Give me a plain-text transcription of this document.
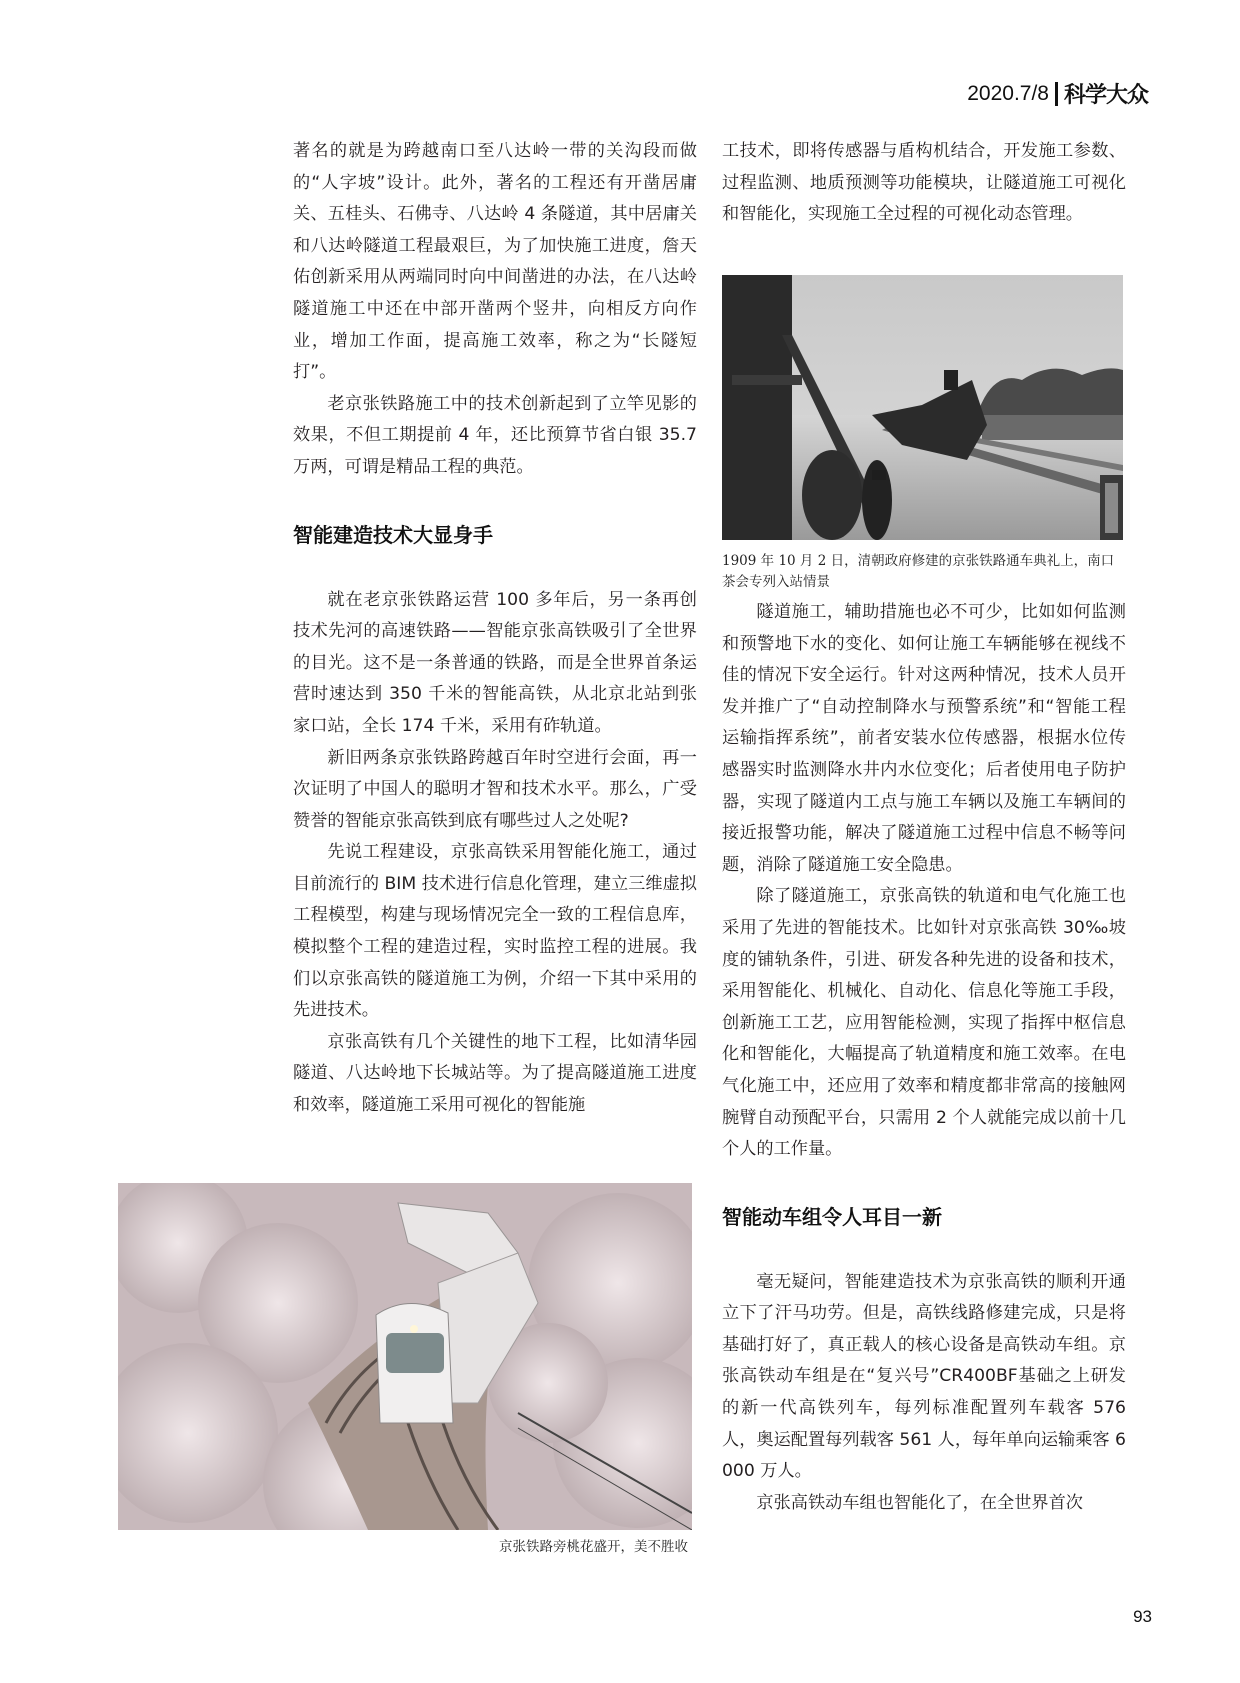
2020.7/8 科学大众

著名的就是为跨越南口至八达岭一带的关沟段而做的“人字坡”设计。此外，著名的工程还有开凿居庸关、五桂头、石佛寺、八达岭 4 条隧道，其中居庸关和八达岭隧道工程最艰巨，为了加快施工进度，詹天佑创新采用从两端同时向中间凿进的办法，在八达岭隧道施工中还在中部开凿两个竖井，向相反方向作业，增加工作面，提高施工效率，称之为“长隧短打”。

老京张铁路施工中的技术创新起到了立竿见影的效果，不但工期提前 4 年，还比预算节省白银 35.7 万两，可谓是精品工程的典范。

智能建造技术大显身手

就在老京张铁路运营 100 多年后，另一条再创技术先河的高速铁路——智能京张高铁吸引了全世界的目光。这不是一条普通的铁路，而是全世界首条运营时速达到 350 千米的智能高铁，从北京北站到张家口站，全长 174 千米，采用有砟轨道。

新旧两条京张铁路跨越百年时空进行会面，再一次证明了中国人的聪明才智和技术水平。那么，广受赞誉的智能京张高铁到底有哪些过人之处呢?

先说工程建设，京张高铁采用智能化施工，通过目前流行的 BIM 技术进行信息化管理，建立三维虚拟工程模型，构建与现场情况完全一致的工程信息库，模拟整个工程的建造过程，实时监控工程的进展。我们以京张高铁的隧道施工为例，介绍一下其中采用的先进技术。

京张高铁有几个关键性的地下工程，比如清华园隧道、八达岭地下长城站等。为了提高隧道施工进度和效率，隧道施工采用可视化的智能施

工技术，即将传感器与盾构机结合，开发施工参数、过程监测、地质预测等功能模块，让隧道施工可视化和智能化，实现施工全过程的可视化动态管理。

1909 年 10 月 2 日，清朝政府修建的京张铁路通车典礼上，南口茶会专列入站情景

隧道施工，辅助措施也必不可少，比如如何监测和预警地下水的变化、如何让施工车辆能够在视线不佳的情况下安全运行。针对这两种情况，技术人员开发并推广了“自动控制降水与预警系统”和“智能工程运输指挥系统”，前者安装水位传感器，根据水位传感器实时监测降水井内水位变化；后者使用电子防护器，实现了隧道内工点与施工车辆以及施工车辆间的接近报警功能，解决了隧道施工过程中信息不畅等问题，消除了隧道施工安全隐患。

除了隧道施工，京张高铁的轨道和电气化施工也采用了先进的智能技术。比如针对京张高铁 30‰坡度的铺轨条件，引进、研发各种先进的设备和技术，采用智能化、机械化、自动化、信息化等施工手段，创新施工工艺，应用智能检测，实现了指挥中枢信息化和智能化，大幅提高了轨道精度和施工效率。在电气化施工中，还应用了效率和精度都非常高的接触网腕臂自动预配平台，只需用 2 个人就能完成以前十几个人的工作量。

智能动车组令人耳目一新

毫无疑问，智能建造技术为京张高铁的顺利开通立下了汗马功劳。但是，高铁线路修建完成，只是将基础打好了，真正载人的核心设备是高铁动车组。京张高铁动车组是在“复兴号”CR400BF基础之上研发的新一代高铁列车，每列标准配置列车载客 576 人，奥运配置每列载客 561 人，每年单向运输乘客 6 000 万人。

京张高铁动车组也智能化了，在全世界首次

京张铁路旁桃花盛开，美不胜收
93
